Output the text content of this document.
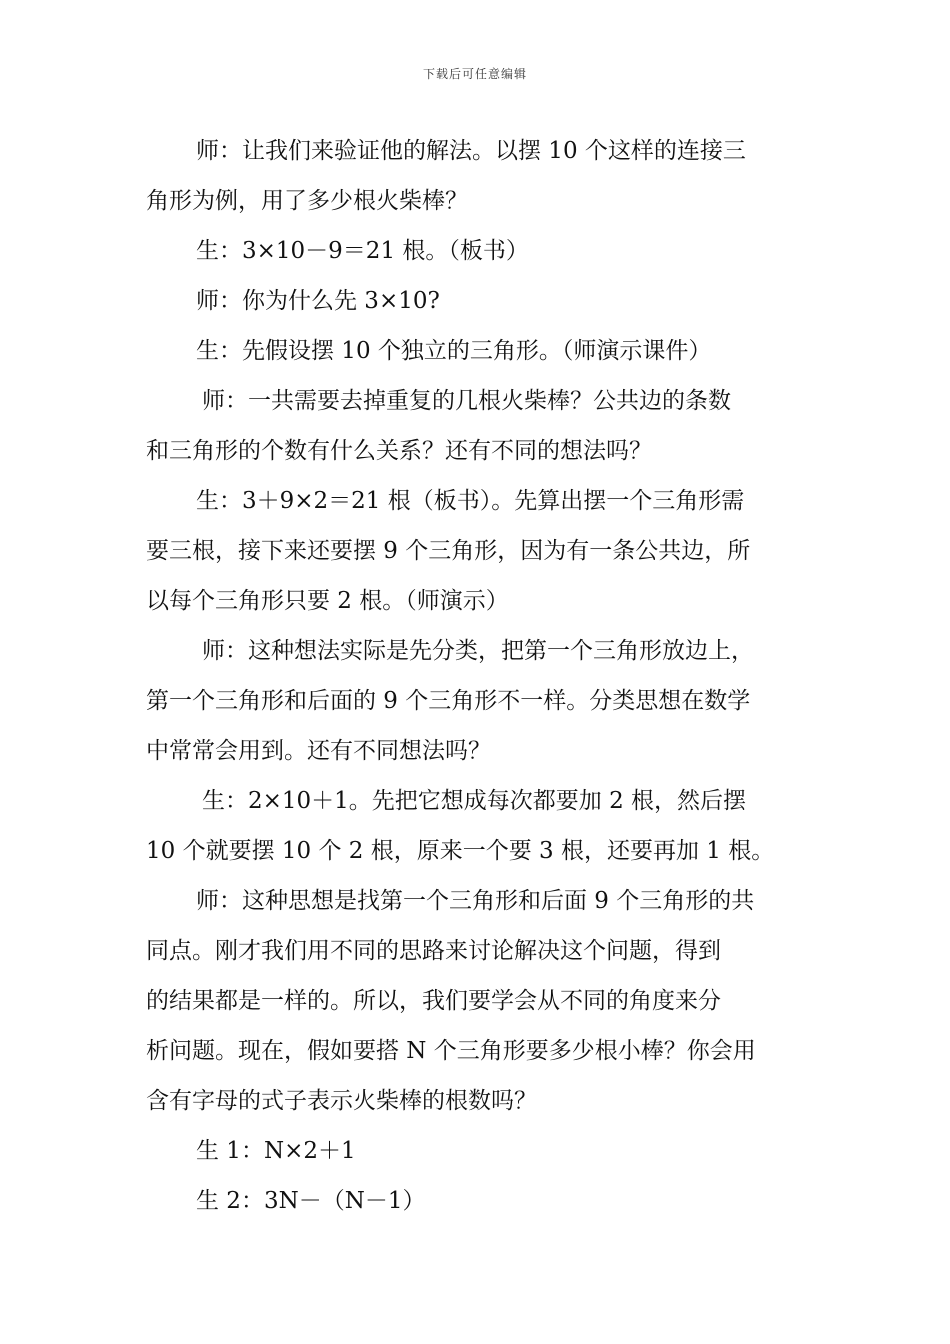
下载后可任意编辑
师：让我们来验证他的解法。以摆 10 个这样的连接三
角形为例，用了多少根火柴棒？
生：3×10－9＝21 根。（板书）
师：你为什么先 3×10?
生：先假设摆 10 个独立的三角形。（师演示课件）
师：一共需要去掉重复的几根火柴棒？公共边的条数
和三角形的个数有什么关系？还有不同的想法吗？
生：3＋9×2＝21 根（板书）。先算出摆一个三角形需
要三根，接下来还要摆 9 个三角形，因为有一条公共边，所
以每个三角形只要 2 根。（师演示）
师：这种想法实际是先分类，把第一个三角形放边上，
第一个三角形和后面的 9 个三角形不一样。分类思想在数学
中常常会用到。还有不同想法吗？
生：2×10＋1。先把它想成每次都要加 2 根，然后摆
10 个就要摆 10 个 2 根，原来一个要 3 根，还要再加 1 根。
师：这种思想是找第一个三角形和后面 9 个三角形的共
同点。刚才我们用不同的思路来讨论解决这个问题，得到
的结果都是一样的。所以，我们要学会从不同的角度来分
析问题。现在，假如要搭 N 个三角形要多少根小棒？你会用
含有字母的式子表示火柴棒的根数吗？
生 1：N×2＋1
生 2：3N－（N－1）
